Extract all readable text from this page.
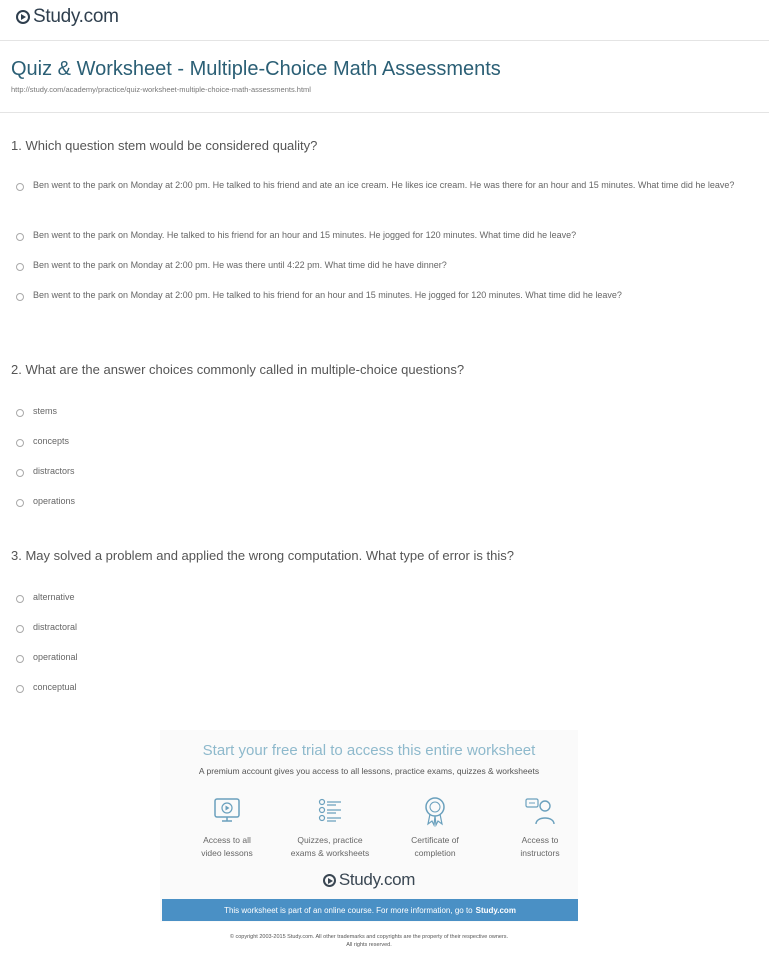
Study.com
Quiz & Worksheet - Multiple-Choice Math Assessments
http://study.com/academy/practice/quiz-worksheet-multiple-choice-math-assessments.html
1. Which question stem would be considered quality?
Ben went to the park on Monday at 2:00 pm. He talked to his friend and ate an ice cream. He likes ice cream. He was there for an hour and 15 minutes. What time did he leave?
Ben went to the park on Monday. He talked to his friend for an hour and 15 minutes. He jogged for 120 minutes. What time did he leave?
Ben went to the park on Monday at 2:00 pm. He was there until 4:22 pm. What time did he have dinner?
Ben went to the park on Monday at 2:00 pm. He talked to his friend for an hour and 15 minutes. He jogged for 120 minutes. What time did he leave?
2. What are the answer choices commonly called in multiple-choice questions?
stems
concepts
distractors
operations
3. May solved a problem and applied the wrong computation. What type of error is this?
alternative
distractoral
operational
conceptual
Start your free trial to access this entire worksheet
A premium account gives you access to all lessons, practice exams, quizzes & worksheets
Access to all
video lessons
Quizzes, practice
exams & worksheets
Certificate of
completion
Access to
instructors
Study.com
This worksheet is part of an online course. For more information, go to Study.com
© copyright 2003-2015 Study.com. All other trademarks and copyrights are the property of their respective owners.
All rights reserved.
